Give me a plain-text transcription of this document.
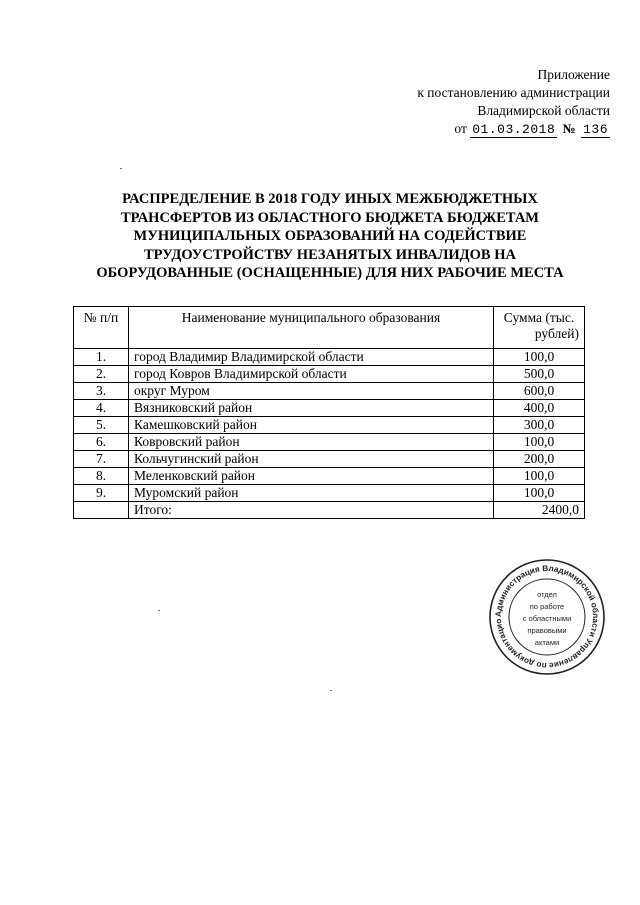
Приложение
к постановлению администрации
Владимирской области
от 01.03.2018 № 136
РАСПРЕДЕЛЕНИЕ В 2018 ГОДУ ИНЫХ МЕЖБЮДЖЕТНЫХ
ТРАНСФЕРТОВ ИЗ ОБЛАСТНОГО БЮДЖЕТА БЮДЖЕТАМ
МУНИЦИПАЛЬНЫХ ОБРАЗОВАНИЙ НА СОДЕЙСТВИЕ
ТРУДОУСТРОЙСТВУ НЕЗАНЯТЫХ ИНВАЛИДОВ НА
ОБОРУДОВАННЫЕ (ОСНАЩЕННЫЕ) ДЛЯ НИХ РАБОЧИЕ МЕСТА
№ п/п	Наименование муниципального образования	Сумма (тыс.
рублей)

1.	город Владимир Владимирской области	100,0
2.	город Ковров Владимирской области	500,0
3.	округ Муром	600,0
4.	Вязниковский район	400,0
5.	Камешковский район	300,0
6.	Ковровский район	100,0
7.	Кольчугинский район	200,0
8.	Меленковский район	100,0
9.	Муромский район	100,0
	Итого:	2400,0
Администрация Владимирской области Управление по документацио
отдел
по работе
с областными
правовыми
актами
